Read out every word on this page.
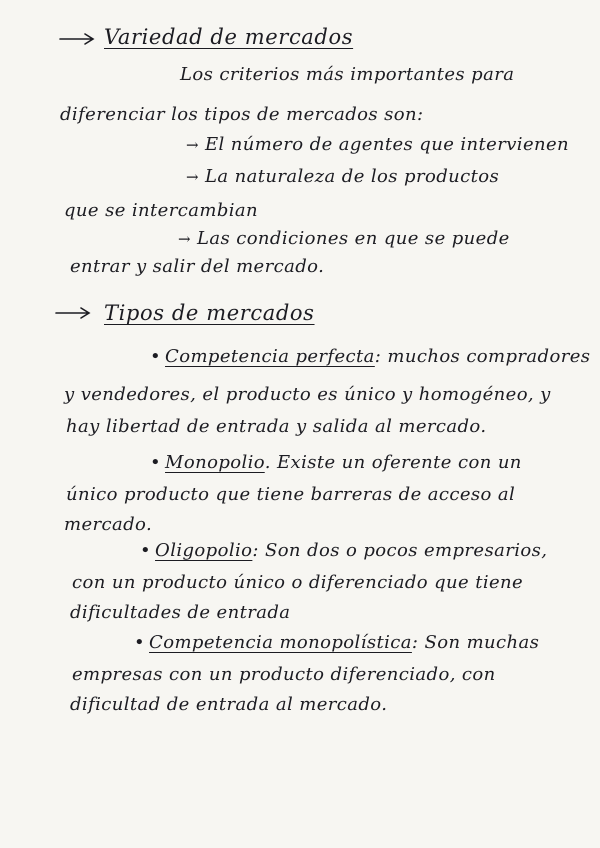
Variedad de mercados
Los criterios más importantes para
diferenciar los tipos de mercados son:
→ El número de agentes que intervienen
→ La naturaleza de los productos
que se intercambian
→ Las condiciones en que se puede
entrar y salir del mercado.
Tipos de mercados
• Competencia perfecta: muchos compradores
y vendedores, el producto es único y homogéneo, y
hay libertad de entrada y salida al mercado.
• Monopolio. Existe un oferente con un
único producto que tiene barreras de acceso al
mercado.
• Oligopolio: Son dos o pocos empresarios,
con un producto único o diferenciado que tiene
dificultades de entrada
• Competencia monopolística: Son muchas
empresas con un producto diferenciado, con
dificultad de entrada al mercado.
